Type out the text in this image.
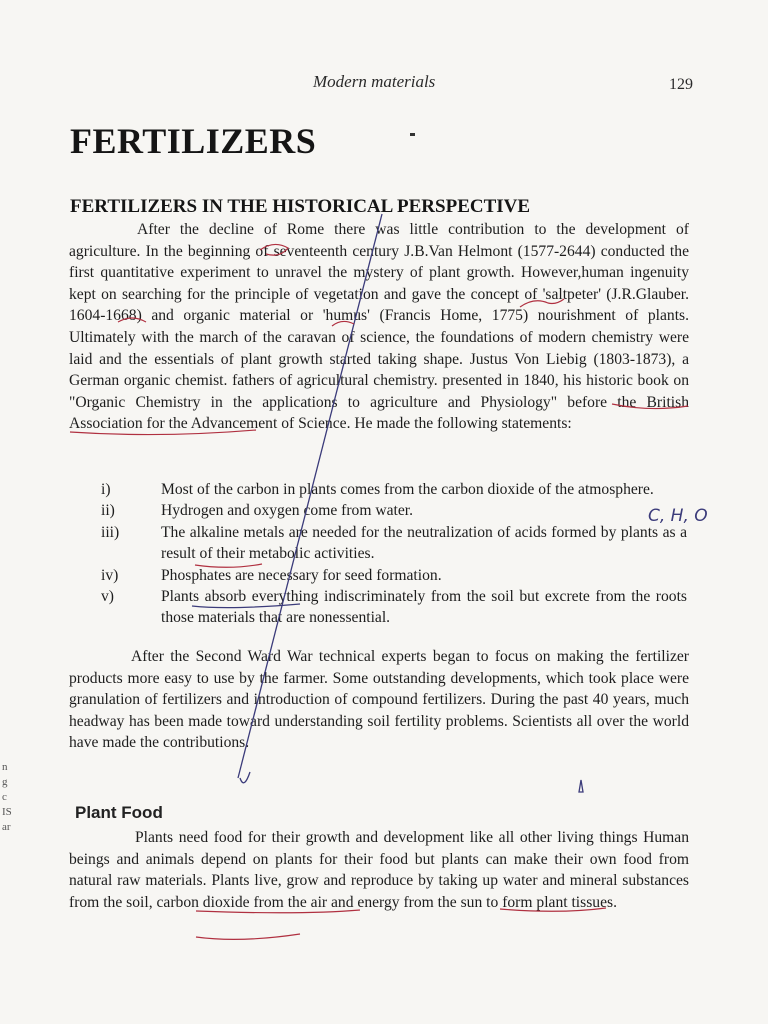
Modern materials	129
FERTILIZERS
FERTILIZERS IN THE HISTORICAL PERSPECTIVE

After the decline of Rome there was little contribution to the development of agriculture. In the beginning of seventeenth century J.B.Van Helmont (1577-2644) conducted the first quantitative experiment to unravel the mystery of plant growth. However,human ingenuity kept on searching for the principle of vegetation and gave the concept of 'saltpeter' (J.R.Glauber. 1604-1668) and organic material or 'humus' (Francis Home, 1775) nourishment of plants. Ultimately with the march of the caravan of science, the foundations of modern chemistry were laid and the essentials of plant growth started taking shape. Justus Von Liebig (1803-1873), a German organic chemist. fathers of agricultural chemistry. presented in 1840, his historic book on "Organic Chemistry in the applications to agriculture and Physiology" before the British Association for the Advancement of Science. He made the following statements:

i)	Most of the carbon in plants comes from the carbon dioxide of the atmosphere.
ii)	Hydrogen and oxygen come from water.
iii)	The alkaline metals are needed for the neutralization of acids formed by plants as a result of their metabolic activities.
iv)	Phosphates are necessary for seed formation.
v)	Plants absorb everything indiscriminately from the soil but excrete from the roots those materials that are nonessential.

After the Second Ward War technical experts began to focus on making the fertilizer products more easy to use by the farmer. Some outstanding developments, which took place were granulation of fertilizers and introduction of compound fertilizers. During the past 40 years, much headway has been made toward understanding soil fertility problems. Scientists all over the world have made the contributions.

Plant Food

Plants need food for their growth and development like all other living things Human beings and animals depend on plants for their food but plants can make their own food from natural raw materials. Plants live, grow and reproduce by taking up water and mineral substances from the soil, carbon dioxide from the air and energy from the sun to form plant tissues.

n
g
c
IS
ar
C, H, O
